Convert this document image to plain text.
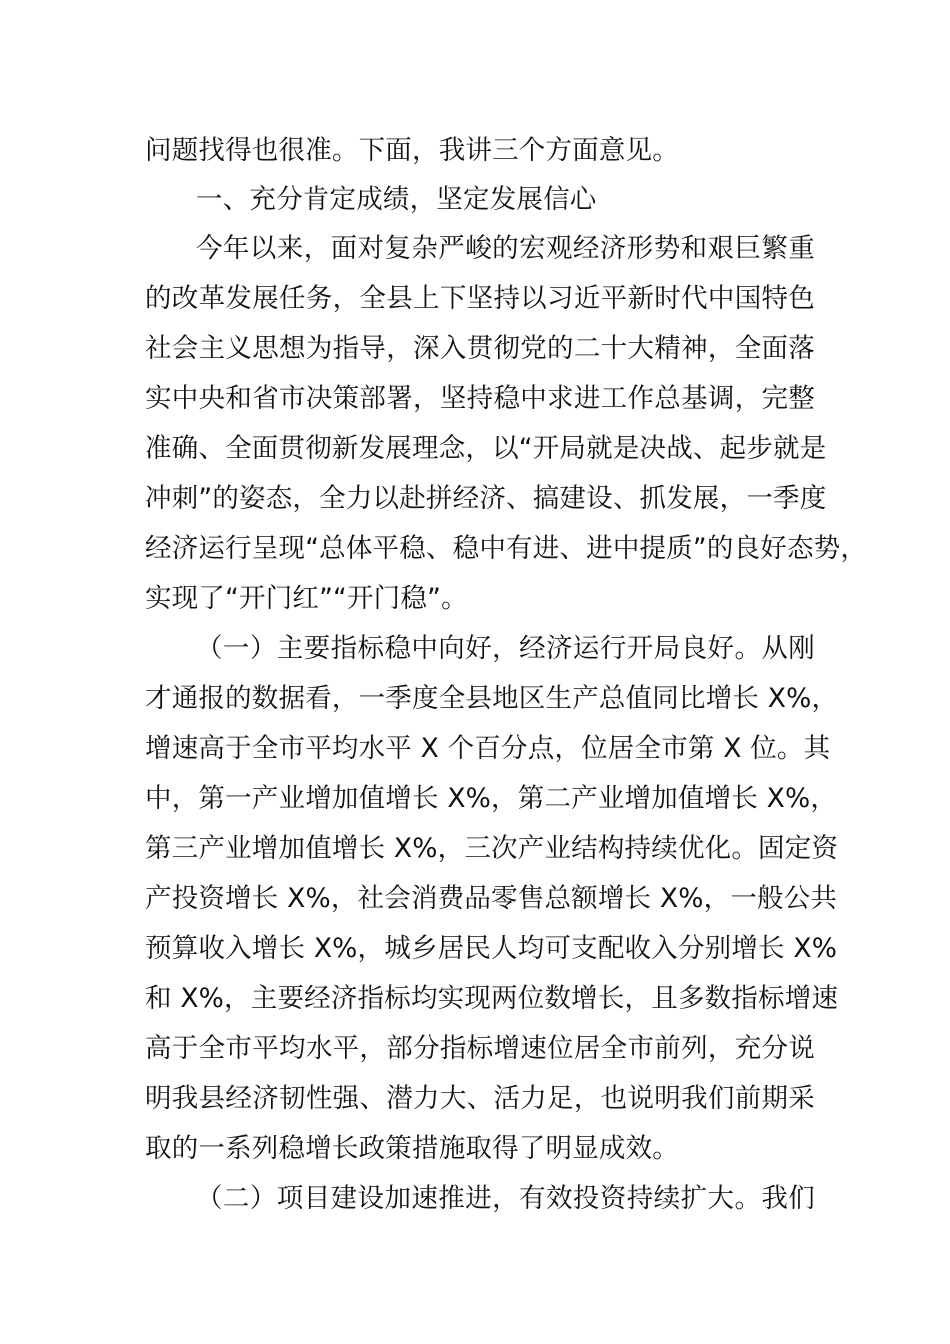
问题找得也很准。下面，我讲三个方面意见。
一、充分肯定成绩，坚定发展信心
今年以来，面对复杂严峻的宏观经济形势和艰巨繁重
的改革发展任务，全县上下坚持以习近平新时代中国特色
社会主义思想为指导，深入贯彻党的二十大精神，全面落
实中央和省市决策部署，坚持稳中求进工作总基调，完整
准确、全面贯彻新发展理念，以“开局就是决战、起步就是
冲刺”的姿态，全力以赴拼经济、搞建设、抓发展，一季度
经济运行呈现“总体平稳、稳中有进、进中提质”的良好态势，
实现了“开门红”“开门稳”。
（一）主要指标稳中向好，经济运行开局良好。从刚
才通报的数据看，一季度全县地区生产总值同比增长 X%，
增速高于全市平均水平 X 个百分点，位居全市第 X 位。其
中，第一产业增加值增长 X%，第二产业增加值增长 X%，
第三产业增加值增长 X%，三次产业结构持续优化。固定资
产投资增长 X%，社会消费品零售总额增长 X%，一般公共
预算收入增长 X%，城乡居民人均可支配收入分别增长 X%
和 X%，主要经济指标均实现两位数增长，且多数指标增速
高于全市平均水平，部分指标增速位居全市前列，充分说
明我县经济韧性强、潜力大、活力足，也说明我们前期采
取的一系列稳增长政策措施取得了明显成效。
（二）项目建设加速推进，有效投资持续扩大。我们
